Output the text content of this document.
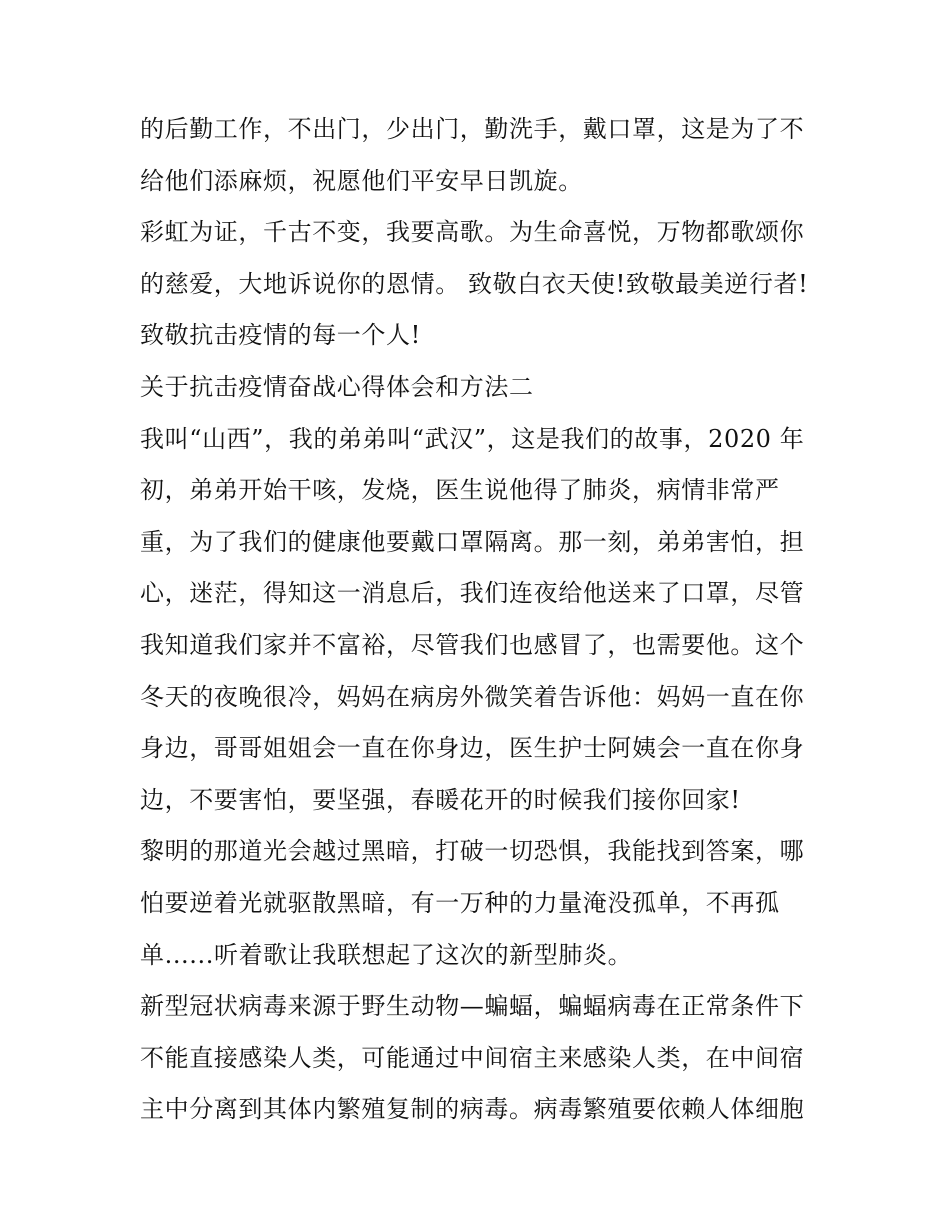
的后勤工作，不出门，少出门，勤洗手，戴口罩，这是为了不
给他们添麻烦，祝愿他们平安早日凯旋。
彩虹为证，千古不变，我要高歌。为生命喜悦，万物都歌颂你
的慈爱，大地诉说你的恩情。 致敬白衣天使!致敬最美逆行者!
致敬抗击疫情的每一个人!
关于抗击疫情奋战心得体会和方法二
我叫“山西”，我的弟弟叫“武汉”，这是我们的故事，2020 年
初，弟弟开始干咳，发烧，医生说他得了肺炎，病情非常严
重，为了我们的健康他要戴口罩隔离。那一刻，弟弟害怕，担
心，迷茫，得知这一消息后，我们连夜给他送来了口罩，尽管
我知道我们家并不富裕，尽管我们也感冒了，也需要他。这个
冬天的夜晚很冷，妈妈在病房外微笑着告诉他：妈妈一直在你
身边，哥哥姐姐会一直在你身边，医生护士阿姨会一直在你身
边，不要害怕，要坚强，春暖花开的时候我们接你回家!
黎明的那道光会越过黑暗，打破一切恐惧，我能找到答案，哪
怕要逆着光就驱散黑暗，有一万种的力量淹没孤单，不再孤
单......听着歌让我联想起了这次的新型肺炎。
新型冠状病毒来源于野生动物—蝙蝠，蝙蝠病毒在正常条件下
不能直接感染人类，可能通过中间宿主来感染人类，在中间宿
主中分离到其体内繁殖复制的病毒。病毒繁殖要依赖人体细胞
